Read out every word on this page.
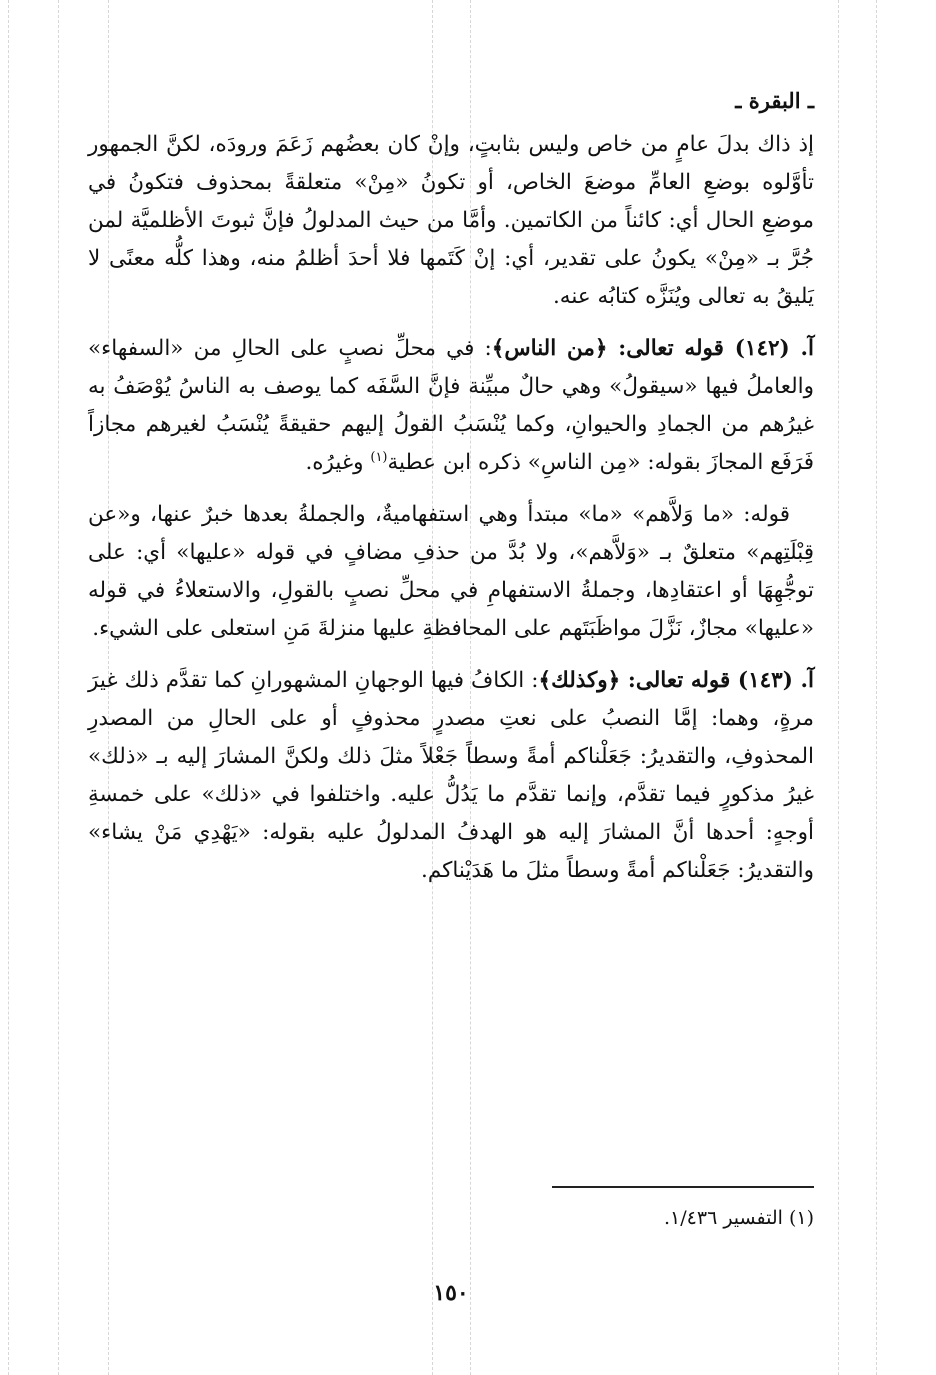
ـ البقرة ـ

إذ ذاك بدلَ عامٍ من خاص وليس بثابتٍ، وإنْ كان بعضُهم زَعَمَ ورودَه، لكنَّ الجمهور تأوَّلوه بوضعِ العامِّ موضعَ الخاص، أو تكونُ «مِنْ» متعلقةً بمحذوف فتكونُ في موضعِ الحال أي: كائناً من الكاتمين. وأمَّا من حيث المدلولُ فإنَّ ثبوتَ الأظلميَّة لمن جُرَّ بـ «مِنْ» يكونُ على تقدير، أي: إنْ كَتَمها فلا أحدَ أظلمُ منه، وهذا كلُّه معنًى لا يَليقُ به تعالى ويُنَزَّه كتابُه عنه.

آ. (١٤٢) قوله تعالى: ﴿من الناس﴾: في محلِّ نصبٍ على الحالِ من «السفهاء» والعاملُ فيها «سيقولُ» وهي حالٌ مبيِّنة فإنَّ السَّفَه كما يوصف به الناسُ يُوْصَفُ به غيرُهم من الجمادِ والحيوانِ، وكما يُنْسَبُ القولُ إليهم حقيقةً يُنْسَبُ لغيرهم مجازاً فَرَفَع المجازَ بقوله: «مِن الناسِ» ذكره ابن عطية$^{(١)}$ وغيرُه.

قوله: «ما وَلاَّهم» «ما» مبتدأ وهي استفهاميةٌ، والجملةُ بعدها خبرٌ عنها، و«عن قِبْلَتِهم» متعلقٌ بـ «وَلاَّهم»، ولا بُدَّ من حذفِ مضافٍ في قوله «عليها» أي: على توجُّهِهَا أو اعتقادِها، وجملةُ الاستفهامِ في محلِّ نصبٍ بالقولِ، والاستعلاءُ في قوله «عليها» مجازٌ، نَزَّلَ مواظَبَتَهم على المحافظةِ عليها منزلةَ مَنِ استعلى على الشيء.

آ. (١٤٣) قوله تعالى: ﴿وكذلك﴾: الكافُ فيها الوجهانِ المشهورانِ كما تقدَّم ذلك غيرَ مرةٍ، وهما: إمَّا النصبُ على نعتِ مصدرٍ محذوفٍ أو على الحالِ من المصدرِ المحذوفِ، والتقديرُ: جَعَلْناكم أمةً وسطاً جَعْلاً مثلَ ذلك ولكنَّ المشارَ إليه بـ «ذلك» غيرُ مذكورٍ فيما تقدَّم، وإنما تقدَّم ما يَدُلُّ عليه. واختلفوا في «ذلك» على خمسةِ أوجهٍ: أحدها أنَّ المشارَ إليه هو الهدفُ المدلولُ عليه بقوله: «يَهْدِي مَنْ يشاء» والتقديرُ: جَعَلْناكم أمةً وسطاً مثلَ ما هَدَيْناكم.

(١) التفسير ١/٤٣٦.
١٥٠
